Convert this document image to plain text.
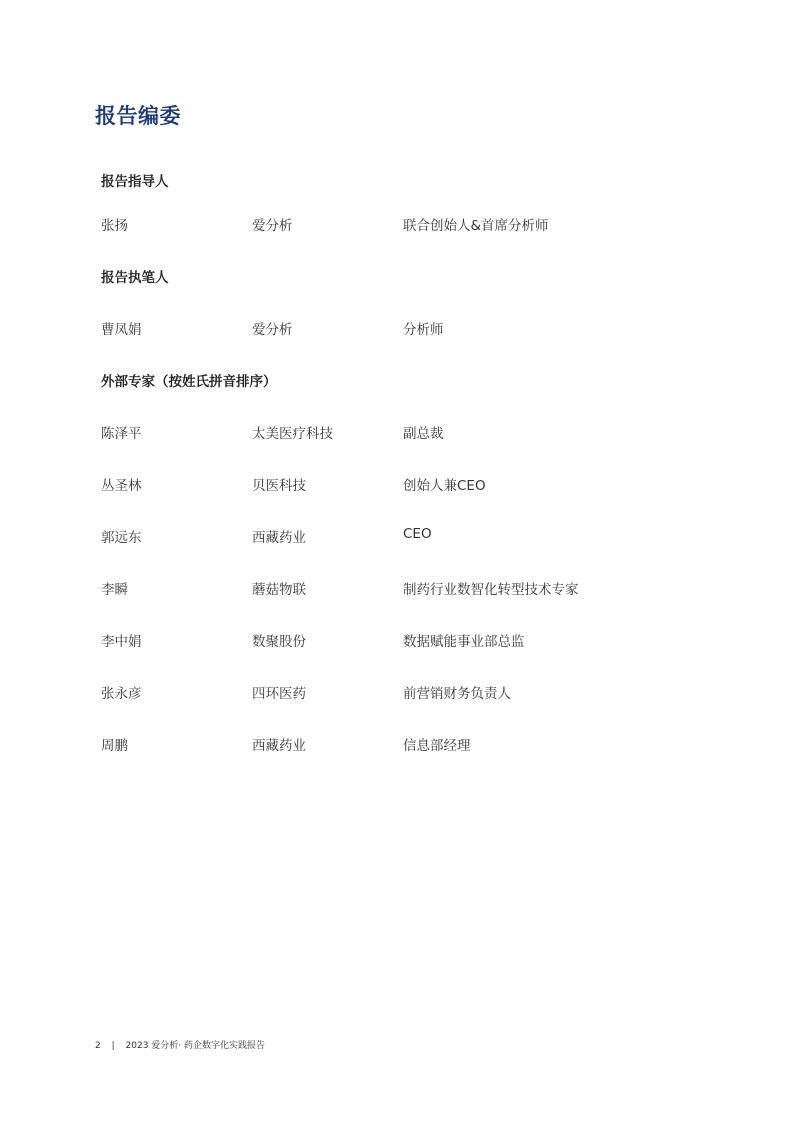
报告编委
报告指导人
张扬	爱分析	联合创始人&首席分析师
报告执笔人
曹凤娟	爱分析	分析师
外部专家（按姓氏拼音排序）
陈泽平	太美医疗科技	副总裁
丛圣林	贝医科技	创始人兼CEO
郭远东	西藏药业	CEO
李瞬	蘑菇物联	制药行业数智化转型技术专家
李中娟	数聚股份	数据赋能事业部总监
张永彦	四环医药	前营销财务负责人
周鹏	西藏药业	信息部经理
2 | 2023 爱分析· 药企数字化实践报告
